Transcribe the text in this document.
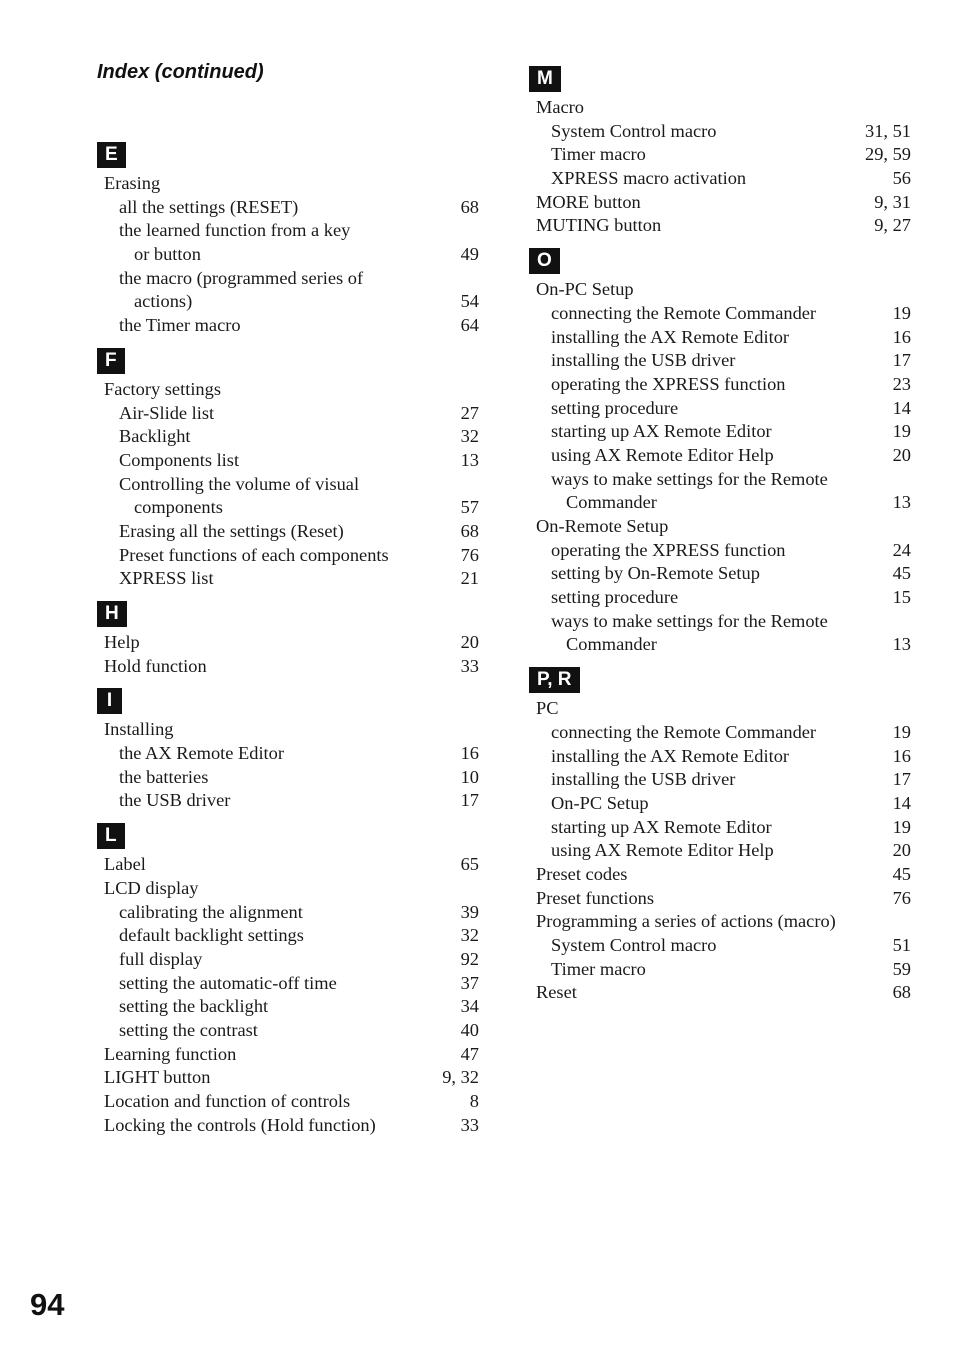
Index (continued)
E
Erasing
all the settings (RESET)	68
the learned function from a key
or button	49
the macro (programmed series of
actions)	54
the Timer macro	64
F
Factory settings
Air-Slide list	27
Backlight	32
Components list	13
Controlling the volume of visual
components	57
Erasing all the settings (Reset)	68
Preset functions of each components	76
XPRESS list	21
H
Help	20
Hold function	33
I
Installing
the AX Remote Editor	16
the batteries	10
the USB driver	17
L
Label	65
LCD display
calibrating the alignment	39
default backlight settings	32
full display	92
setting the automatic-off time	37
setting the backlight	34
setting the contrast	40
Learning function	47
LIGHT button	9, 32
Location and function of controls	8
Locking the controls (Hold function)	33
M
Macro
System Control macro	31, 51
Timer macro	29, 59
XPRESS macro activation	56
MORE button	9, 31
MUTING button	9, 27
O
On-PC Setup
connecting the Remote Commander	19
installing the AX Remote Editor	16
installing the USB driver	17
operating the XPRESS function	23
setting procedure	14
starting up AX Remote Editor	19
using AX Remote Editor Help	20
ways to make settings for the Remote
Commander	13
On-Remote Setup
operating the XPRESS function	24
setting by On-Remote Setup	45
setting procedure	15
ways to make settings for the Remote
Commander	13
P, R
PC
connecting the Remote Commander	19
installing the AX Remote Editor	16
installing the USB driver	17
On-PC Setup	14
starting up AX Remote Editor	19
using AX Remote Editor Help	20
Preset codes	45
Preset functions	76
Programming a series of actions (macro)
System Control macro	51
Timer macro	59
Reset	68
94
